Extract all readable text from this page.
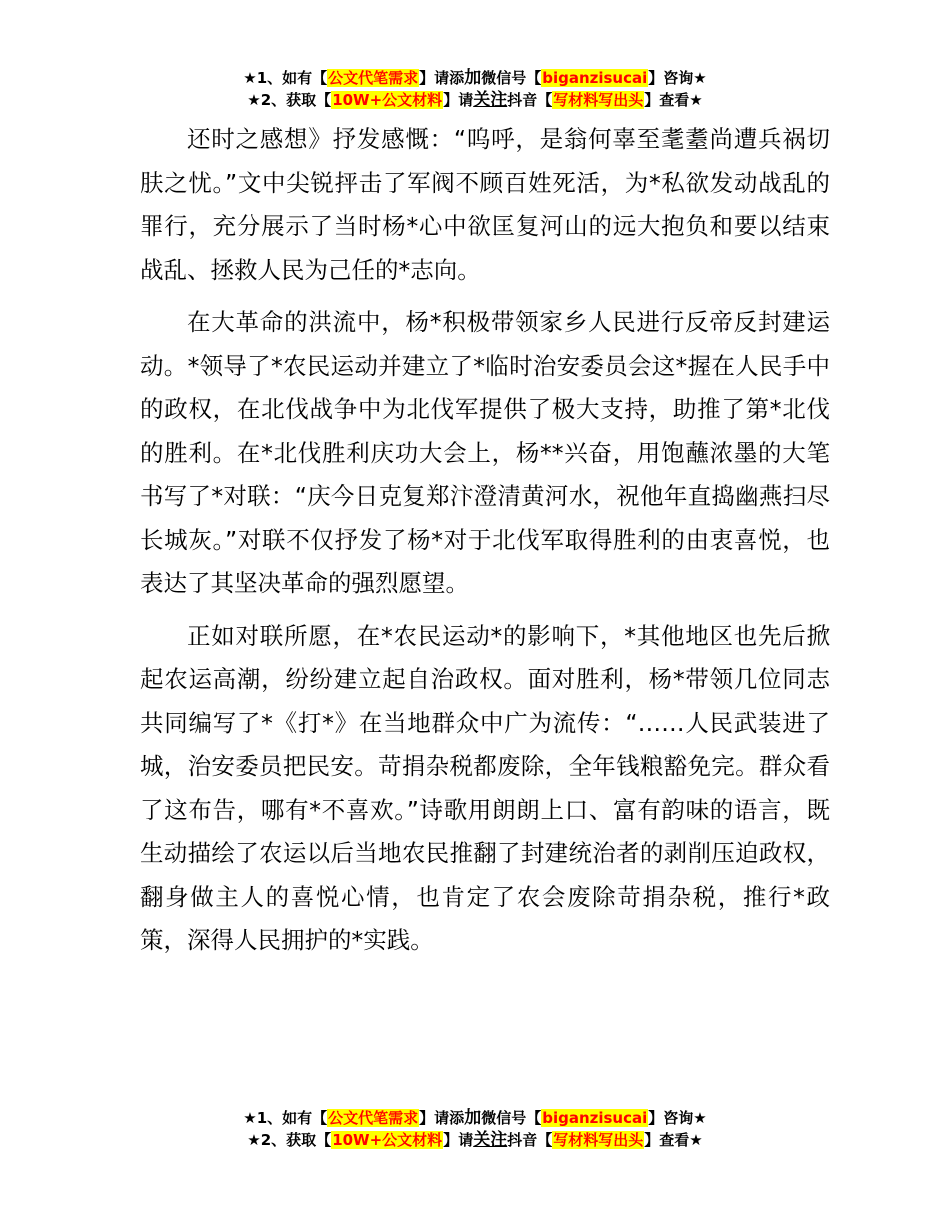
★1、如有【公文代笔需求】请添加微信号【biganzisucai】咨询★
★2、获取【10W+公文材料】请关注抖音【写材料写出头】查看★

还时之感想》抒发感慨：“呜呼，是翁何辜至耄耋尚遭兵祸切肤之忧。”文中尖锐抨击了军阀不顾百姓死活，为*私欲发动战乱的罪行，充分展示了当时杨*心中欲匡复河山的远大抱负和要以结束战乱、拯救人民为己任的*志向。

在大革命的洪流中，杨*积极带领家乡人民进行反帝反封建运动。*领导了*农民运动并建立了*临时治安委员会这*握在人民手中的政权，在北伐战争中为北伐军提供了极大支持，助推了第*北伐的胜利。在*北伐胜利庆功大会上，杨**兴奋，用饱蘸浓墨的大笔书写了*对联：“庆今日克复郑汴澄清黄河水，祝他年直捣幽燕扫尽长城灰。”对联不仅抒发了杨*对于北伐军取得胜利的由衷喜悦，也表达了其坚决革命的强烈愿望。

正如对联所愿，在*农民运动*的影响下，*其他地区也先后掀起农运高潮，纷纷建立起自治政权。面对胜利，杨*带领几位同志共同编写了*《打*》在当地群众中广为流传：“……人民武装进了城，治安委员把民安。苛捐杂税都废除，全年钱粮豁免完。群众看了这布告，哪有*不喜欢。”诗歌用朗朗上口、富有韵味的语言，既生动描绘了农运以后当地农民推翻了封建统治者的剥削压迫政权，翻身做主人的喜悦心情，也肯定了农会废除苛捐杂税，推行*政策，深得人民拥护的*实践。

★1、如有【公文代笔需求】请添加微信号【biganzisucai】咨询★
★2、获取【10W+公文材料】请关注抖音【写材料写出头】查看★
